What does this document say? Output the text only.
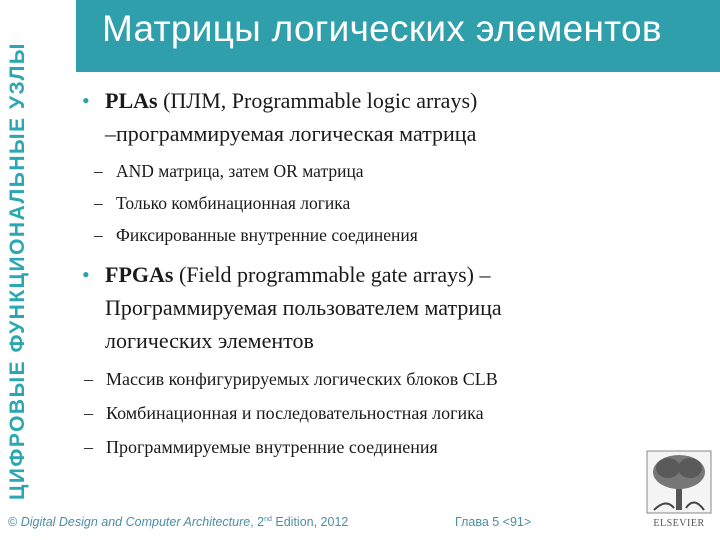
ЦИФРОВЫЕ ФУНКЦИОНАЛЬНЫЕ УЗЛЫ
Матрицы логических элементов
• PLAs (ПЛМ, Programmable logic arrays)
–программируемая логическая матрица
– AND матрица, затем OR матрица
– Только комбинационная логика
– Фиксированные внутренние соединения
• FPGAs (Field programmable gate arrays) –
Программируемая пользователем матрица
логических элементов
– Массив конфигурируемых логических блоков CLB
– Комбинационная и последовательностная логика
– Программируемые внутренние соединения
© Digital Design and Computer Architecture, 2nd Edition, 2012	Глава 5 <91>	ELSEVIER
